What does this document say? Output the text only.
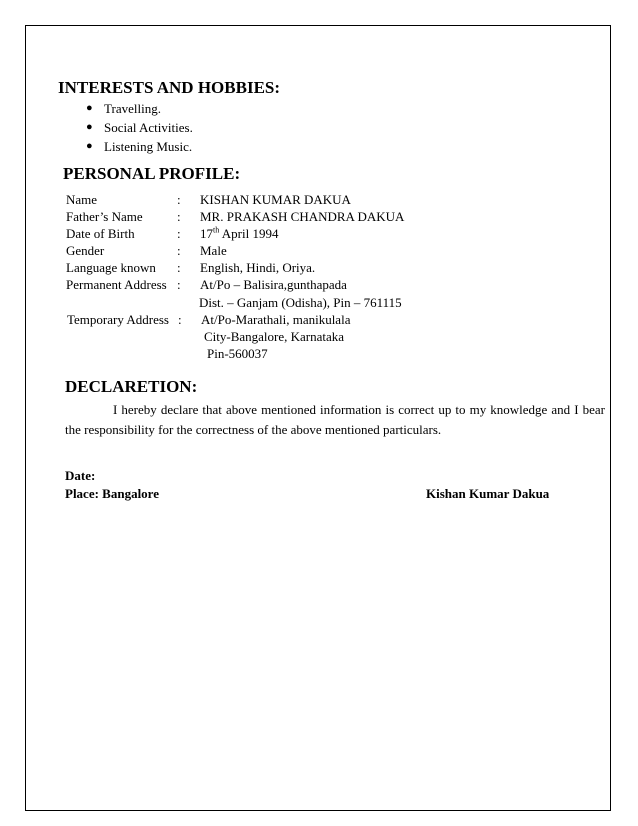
INTERESTS AND HOBBIES:
● Travelling.
● Social Activities.
● Listening Music.
PERSONAL PROFILE:
Name	: KISHAN KUMAR DAKUA
Father’s Name	: MR. PRAKASH CHANDRA DAKUA
Date of Birth	: 17th April 1994
Gender	: Male
Language known : English, Hindi, Oriya.
Permanent Address : At/Po – Balisira,gunthapada
Dist. – Ganjam (Odisha), Pin – 761115
Temporary Address : At/Po-Marathali, manikulala
City-Bangalore, Karnataka
Pin-560037
DECLARETION:
I hereby declare that above mentioned information is correct up to my knowledge and I bear the responsibility for the correctness of the above mentioned particulars.
Date:
Place: Bangalore	Kishan Kumar Dakua
